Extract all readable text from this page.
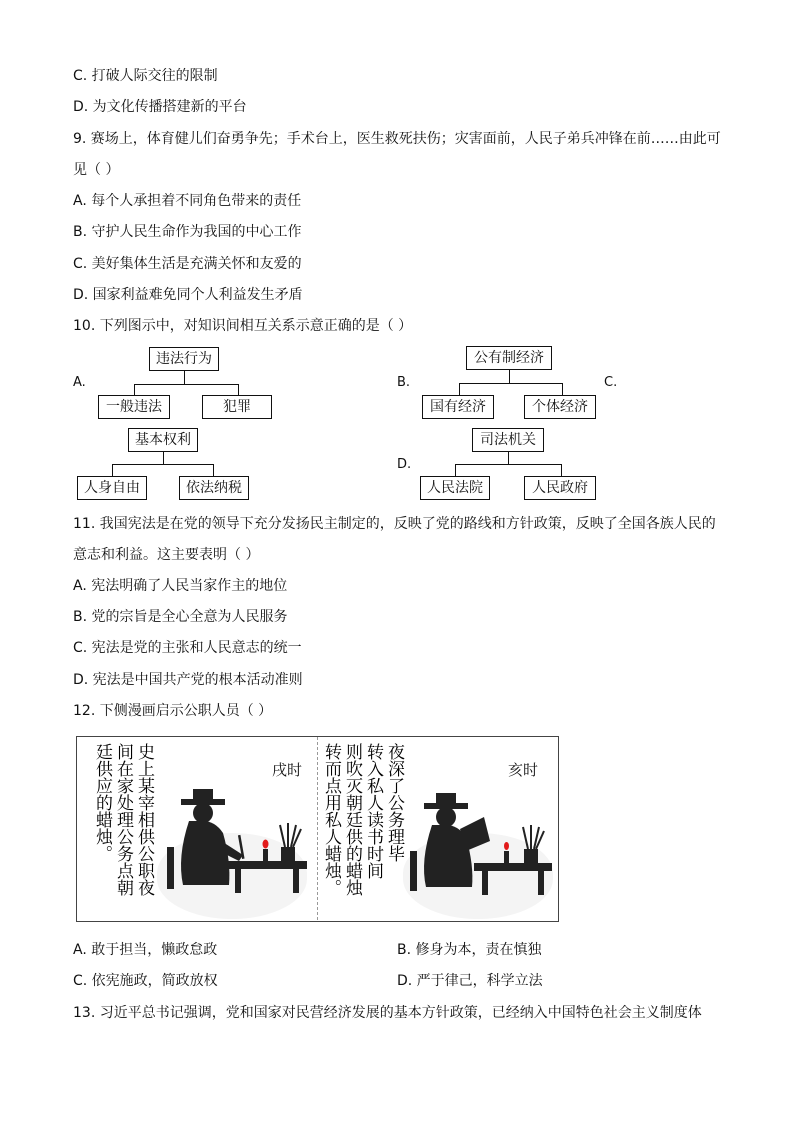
C. 打破人际交往的限制
D. 为文化传播搭建新的平台
9. 赛场上，体育健儿们奋勇争先；手术台上，医生救死扶伤；灾害面前，人民子弟兵冲锋在前……由此可
见（ ）
A. 每个人承担着不同角色带来的责任
B. 守护人民生命作为我国的中心工作
C. 美好集体生活是充满关怀和友爱的
D. 国家利益难免同个人利益发生矛盾
10. 下列图示中，对知识间相互关系示意正确的是（ ）
A.
违法行为
一般违法	犯罪
B.
公有制经济
国有经济	个体经济
C.
基本权利
人身自由	依法纳税
D.
司法机关
人民法院	人民政府
11. 我国宪法是在党的领导下充分发扬民主制定的，反映了党的路线和方针政策，反映了全国各族人民的
意志和利益。这主要表明（ ）
A. 宪法明确了人民当家作主的地位
B. 党的宗旨是全心全意为人民服务
C. 宪法是党的主张和人民意志的统一
D. 宪法是中国共产党的根本活动准则
12. 下侧漫画启示公职人员（ ）
史上某宰相供公职夜
间在家处理公务点朝
廷供应的蜡烛。	戌时	夜深了公务理毕
转入私人读书时间
则吹灭朝廷供的蜡烛
转而点用私人蜡烛。	亥时
A. 敢于担当，懒政怠政	B. 修身为本，责在慎独
C. 依宪施政，简政放权	D. 严于律己，科学立法
13. 习近平总书记强调，党和国家对民营经济发展的基本方针政策，已经纳入中国特色社会主义制度体
